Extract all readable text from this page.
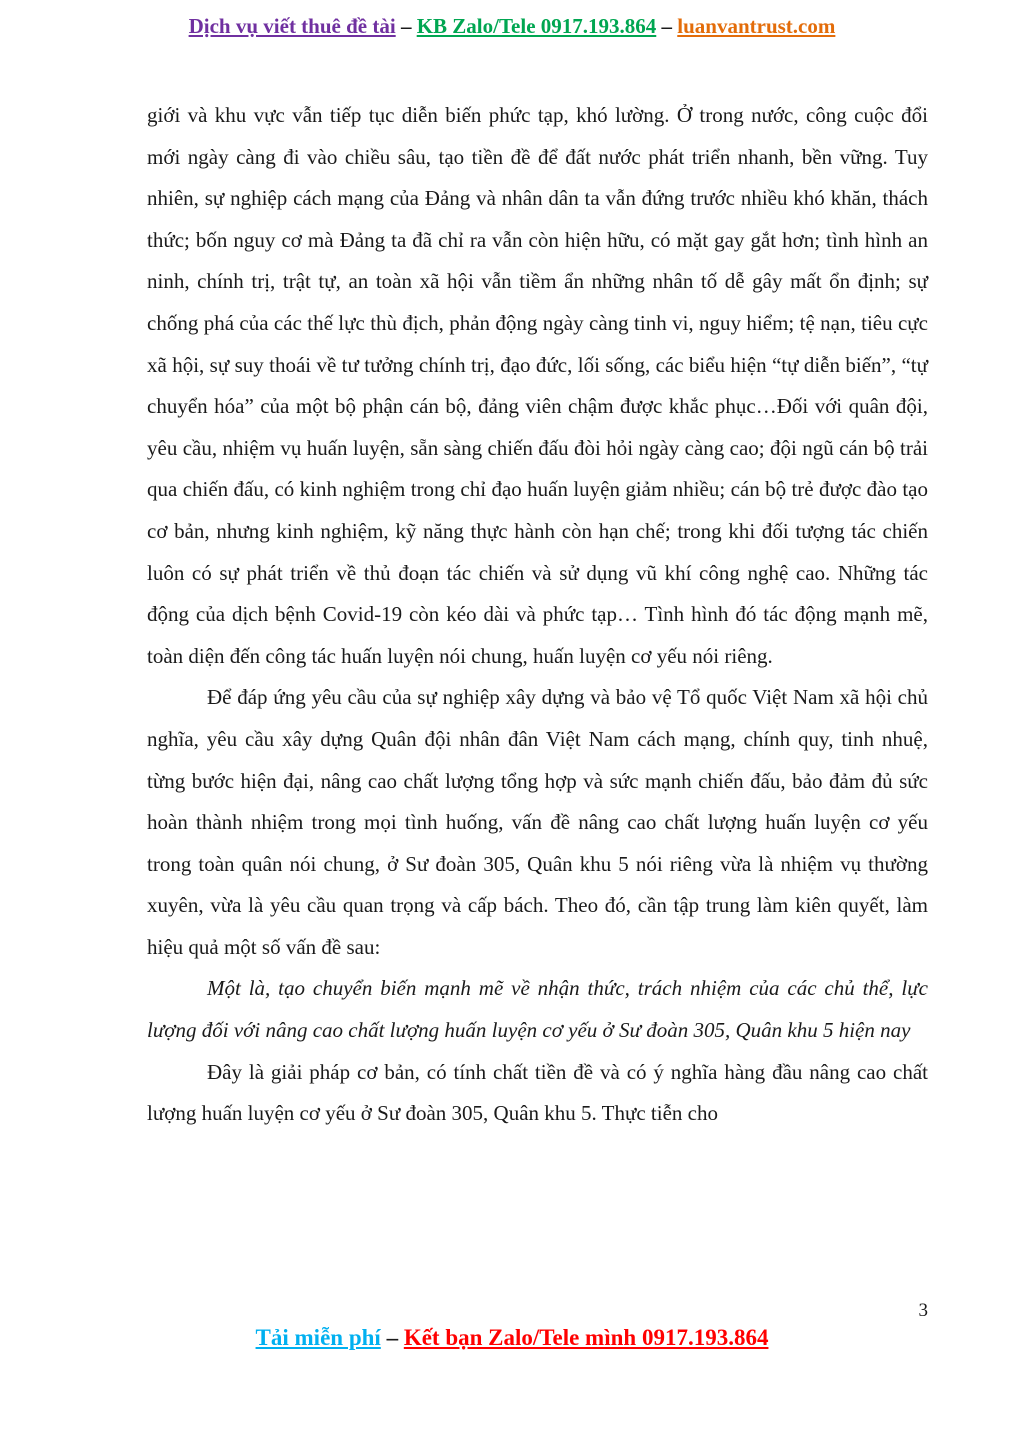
Dịch vụ viết thuê đề tài – KB Zalo/Tele 0917.193.864 – luanvantrust.com

giới và khu vực vẫn tiếp tục diễn biến phức tạp, khó lường. Ở trong nước, công cuộc đổi mới ngày càng đi vào chiều sâu, tạo tiền đề để đất nước phát triển nhanh, bền vững. Tuy nhiên, sự nghiệp cách mạng của Đảng và nhân dân ta vẫn đứng trước nhiều khó khăn, thách thức; bốn nguy cơ mà Đảng ta đã chỉ ra vẫn còn hiện hữu, có mặt gay gắt hơn; tình hình an ninh, chính trị, trật tự, an toàn xã hội vẫn tiềm ẩn những nhân tố dễ gây mất ổn định; sự chống phá của các thế lực thù địch, phản động ngày càng tinh vi, nguy hiểm; tệ nạn, tiêu cực xã hội, sự suy thoái về tư tưởng chính trị, đạo đức, lối sống, các biểu hiện “tự diễn biến”, “tự chuyển hóa” của một bộ phận cán bộ, đảng viên chậm được khắc phục…Đối với quân đội, yêu cầu, nhiệm vụ huấn luyện, sẵn sàng chiến đấu đòi hỏi ngày càng cao; đội ngũ cán bộ trải qua chiến đấu, có kinh nghiệm trong chỉ đạo huấn luyện giảm nhiều; cán bộ trẻ được đào tạo cơ bản, nhưng kinh nghiệm, kỹ năng thực hành còn hạn chế; trong khi đối tượng tác chiến luôn có sự phát triển về thủ đoạn tác chiến và sử dụng vũ khí công nghệ cao. Những tác động của dịch bệnh Covid-19 còn kéo dài và phức tạp… Tình hình đó tác động mạnh mẽ, toàn diện đến công tác huấn luyện nói chung, huấn luyện cơ yếu nói riêng.

Để đáp ứng yêu cầu của sự nghiệp xây dựng và bảo vệ Tổ quốc Việt Nam xã hội chủ nghĩa, yêu cầu xây dựng Quân đội nhân đân Việt Nam cách mạng, chính quy, tinh nhuệ, từng bước hiện đại, nâng cao chất lượng tổng hợp và sức mạnh chiến đấu, bảo đảm đủ sức hoàn thành nhiệm trong mọi tình huống, vấn đề nâng cao chất lượng huấn luyện cơ yếu trong toàn quân nói chung, ở Sư đoàn 305, Quân khu 5 nói riêng vừa là nhiệm vụ thường xuyên, vừa là yêu cầu quan trọng và cấp bách. Theo đó, cần tập trung làm kiên quyết, làm hiệu quả một số vấn đề sau:

Một là, tạo chuyển biến mạnh mẽ về nhận thức, trách nhiệm của các chủ thể, lực lượng đối với nâng cao chất lượng huấn luyện cơ yếu ở Sư đoàn 305, Quân khu 5 hiện nay

Đây là giải pháp cơ bản, có tính chất tiền đề và có ý nghĩa hàng đầu nâng cao chất lượng huấn luyện cơ yếu ở Sư đoàn 305, Quân khu 5. Thực tiễn cho

3
Tải miễn phí – Kết bạn Zalo/Tele mình 0917.193.864
